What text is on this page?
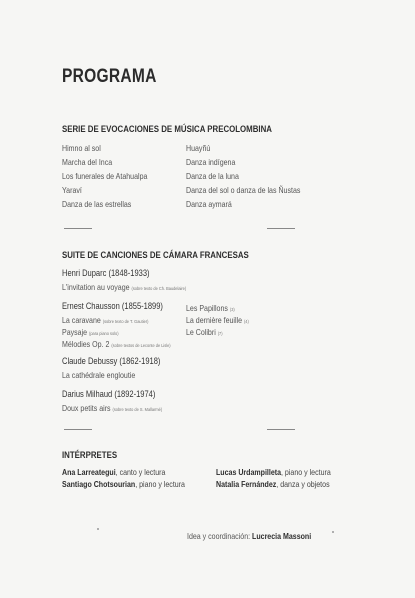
PROGRAMA
SERIE DE EVOCACIONES DE MÚSICA PRECOLOMBINA
Himno al sol
Marcha del Inca
Los funerales de Atahualpa
Yaraví
Danza de las estrellas
Huayñú
Danza indígena
Danza de la luna
Danza del sol o danza de las Ñustas
Danza aymará
SUITE DE CANCIONES DE CÁMARA FRANCESAS
Henri Duparc (1848-1933)
L'invitation au voyage (sobre texto de Ch. Baudelaire)
Ernest Chausson (1855-1899)
La caravane (sobre texto de T. Gautier)
Paysaje (para piano solo)
Mélodies Op. 2 (sobre textos de Leconte de Lisle)
Les Papillons (3)
La dernière feuille (4)
Le Colibri (7)
Claude Debussy (1862-1918)
La cathédrale engloutie
Darius Milhaud (1892-1974)
Doux petits airs (sobre texto de S. Mallarmé)
INTÉRPRETES
Ana Larreategui, canto y lectura
Santiago Chotsourian, piano y lectura
Lucas Urdampilleta, piano y lectura
Natalia Fernández, danza y objetos
Idea y coordinación: Lucrecia Massoni
